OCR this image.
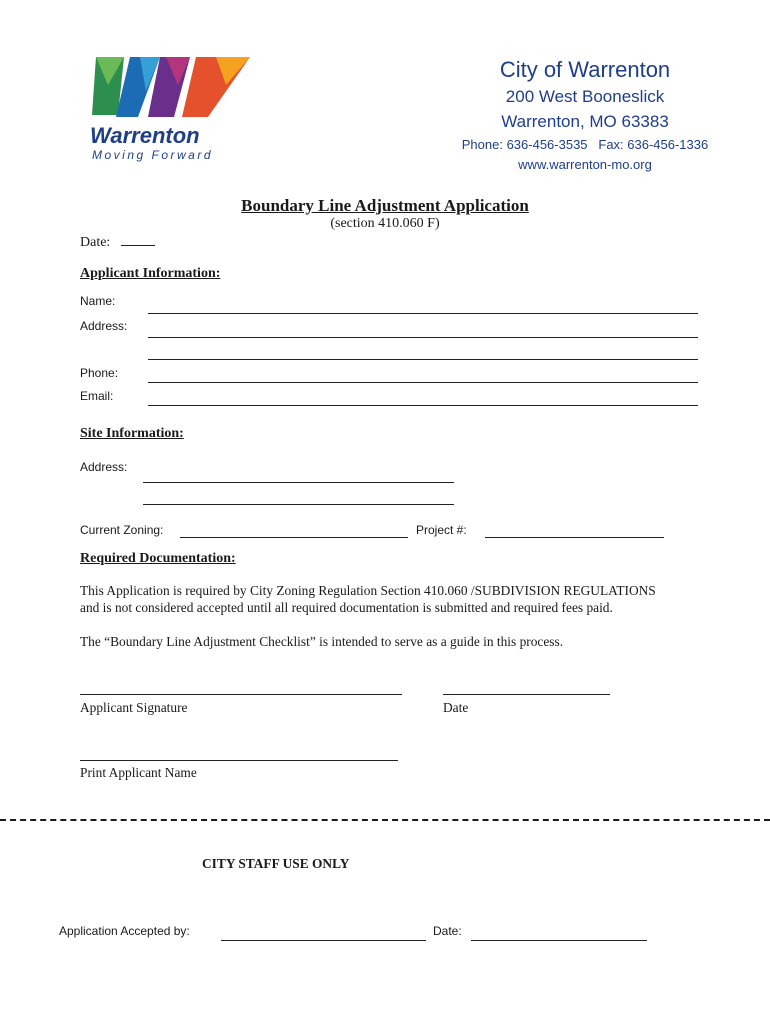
Warrenton
Moving Forward
City of Warrenton
200 West Booneslick
Warrenton, MO 63383
Phone: 636-456-3535   Fax: 636-456-1336
www.warrenton-mo.org
Boundary Line Adjustment Application
(section 410.060 F)
Date:
Applicant Information:
Name:
Address:
Phone:
Email:
Site Information:
Address:
Current Zoning:	Project #:
Required Documentation:
This Application is required by City Zoning Regulation Section 410.060 /SUBDIVISION REGULATIONS
and is not considered accepted until all required documentation is submitted and required fees paid.
The “Boundary Line Adjustment Checklist” is intended to serve as a guide in this process.
Applicant Signature	Date
Print Applicant Name
CITY STAFF USE ONLY
Application Accepted by:	Date:
